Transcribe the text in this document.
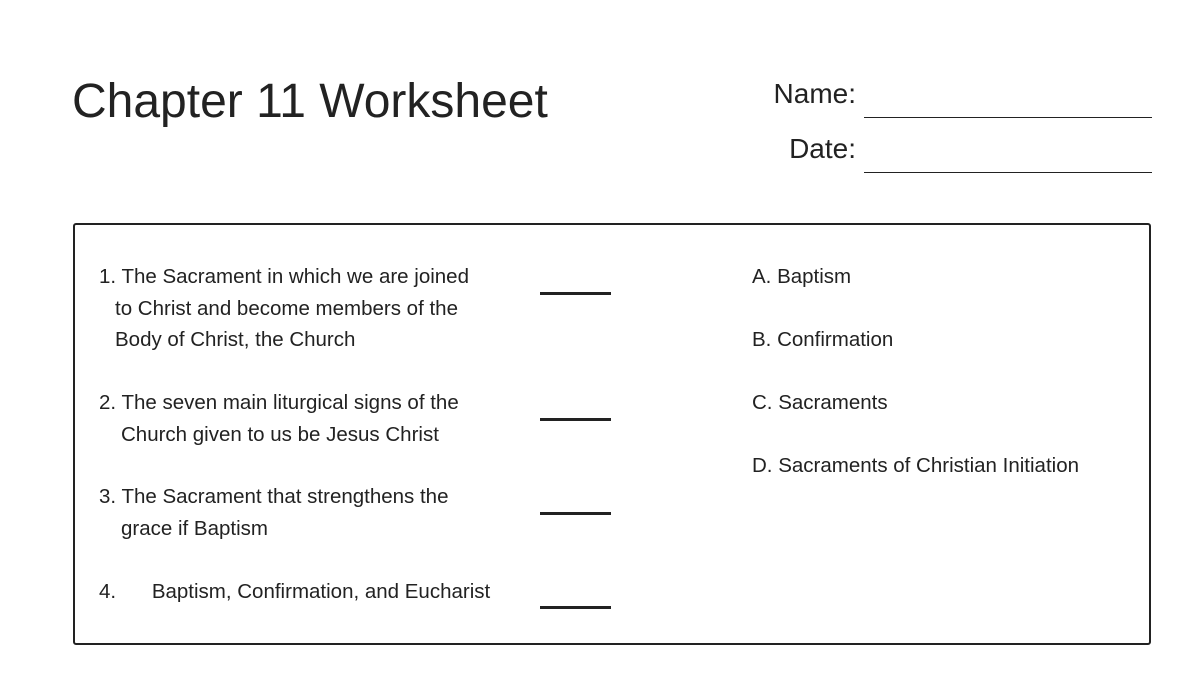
Chapter 11 Worksheet	Name:
Date:
1. The Sacrament in which we are joined
to Christ and become members of the
Body of Christ, the Church
2. The seven main liturgical signs of the
Church given to us be Jesus Christ
3. The Sacrament that strengthens the
grace if Baptism
4. Baptism, Confirmation, and Eucharist
A. Baptism
B. Confirmation
C. Sacraments
D. Sacraments of Christian Initiation
